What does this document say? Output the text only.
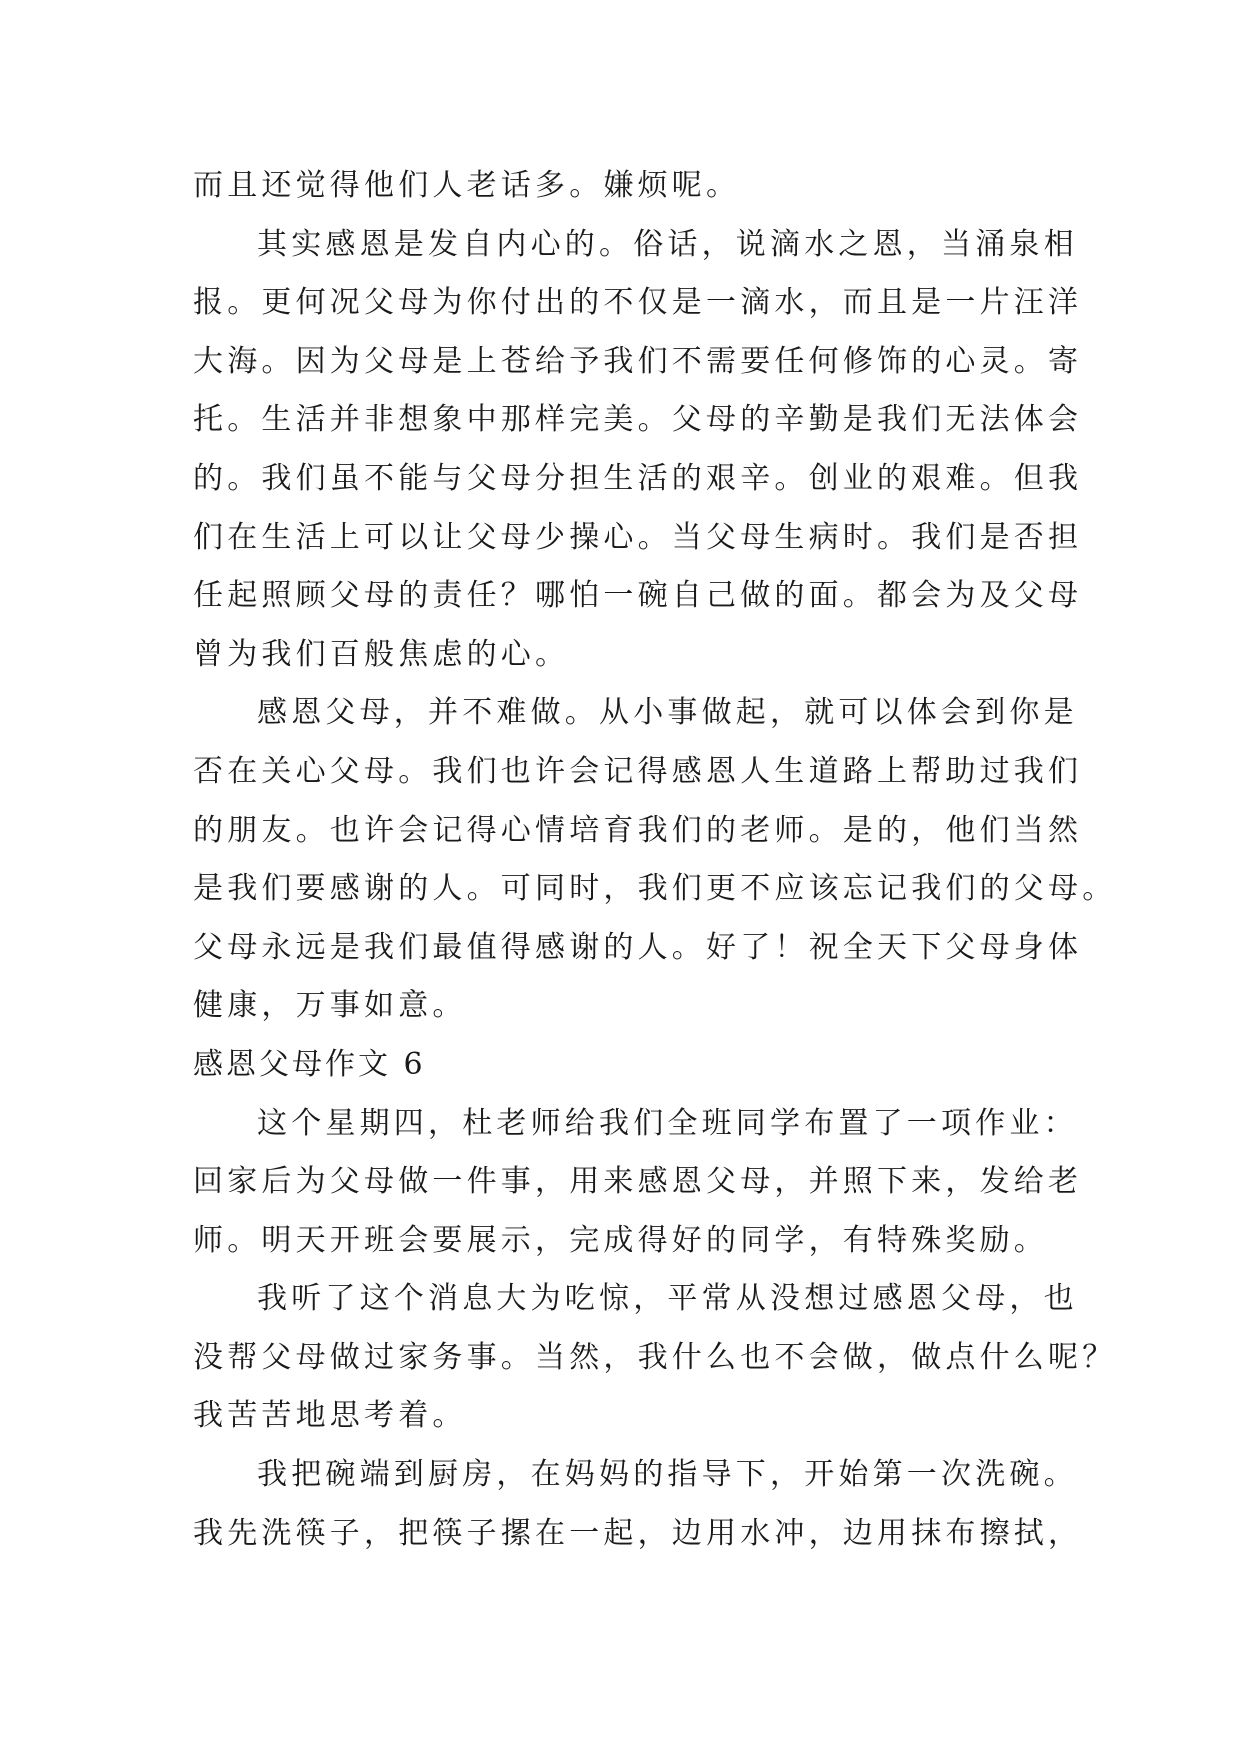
而且还觉得他们人老话多。嫌烦呢。
其实感恩是发自内心的。俗话，说滴水之恩，当涌泉相
报。更何况父母为你付出的不仅是一滴水，而且是一片汪洋
大海。因为父母是上苍给予我们不需要任何修饰的心灵。寄
托。生活并非想象中那样完美。父母的辛勤是我们无法体会
的。我们虽不能与父母分担生活的艰辛。创业的艰难。但我
们在生活上可以让父母少操心。当父母生病时。我们是否担
任起照顾父母的责任？哪怕一碗自己做的面。都会为及父母
曾为我们百般焦虑的心。
感恩父母，并不难做。从小事做起，就可以体会到你是
否在关心父母。我们也许会记得感恩人生道路上帮助过我们
的朋友。也许会记得心情培育我们的老师。是的，他们当然
是我们要感谢的人。可同时，我们更不应该忘记我们的父母。
父母永远是我们最值得感谢的人。好了！祝全天下父母身体
健康，万事如意。
感恩父母作文 6
这个星期四，杜老师给我们全班同学布置了一项作业：
回家后为父母做一件事，用来感恩父母，并照下来，发给老
师。明天开班会要展示，完成得好的同学，有特殊奖励。
我听了这个消息大为吃惊，平常从没想过感恩父母，也
没帮父母做过家务事。当然，我什么也不会做，做点什么呢？
我苦苦地思考着。
我把碗端到厨房，在妈妈的指导下，开始第一次洗碗。
我先洗筷子，把筷子摞在一起，边用水冲，边用抹布擦拭，
